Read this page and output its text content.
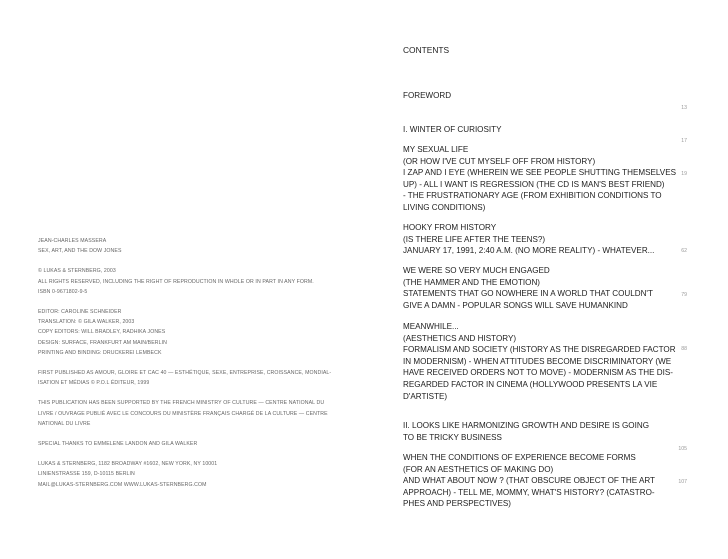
JEAN-CHARLES MASSERA

SEX, ART, AND THE DOW JONES

© LUKAS & STERNBERG, 2003

ALL RIGHTS RESERVED, INCLUDING THE RIGHT OF REPRODUCTION IN WHOLE OR IN PART IN ANY FORM.

ISBN 0-9671802-9-5

EDITOR: CAROLINE SCHNEIDER

TRANSLATION: © GILA WALKER, 2003

COPY EDITORS: WILL BRADLEY, RADHIKA JONES

DESIGN: SURFACE, FRANKFURT AM MAIN/BERLIN

PRINTING AND BINDING: DRUCKEREI LEMBECK

FIRST PUBLISHED AS AMOUR, GLOIRE ET CAC 40 — ESTHÉTIQUE, SEXE, ENTREPRISE, CROISSANCE, MONDIAL-

ISATION ET MÉDIAS © P.O.L ÉDITEUR, 1999

THIS PUBLICATION HAS BEEN SUPPORTED BY THE FRENCH MINISTRY OF CULTURE — CENTRE NATIONAL DU

LIVRE / OUVRAGE PUBLIÉ AVEC LE CONCOURS DU MINISTÈRE FRANÇAIS CHARGÉ DE LA CULTURE — CENTRE

NATIONAL DU LIVRE

SPECIAL THANKS TO EMMELENE LANDON AND GILA WALKER

LUKAS & STERNBERG, 1182 BROADWAY #1602, NEW YORK, NY 10001

LINIENSTRASSE 159, D-10115 BERLIN

MAIL@LUKAS-STERNBERG.COM WWW.LUKAS-STERNBERG.COM

CONTENTS
FOREWORD
13
I. WINTER OF CURIOSITY
17
MY SEXUAL LIFE
(OR HOW I'VE CUT MYSELF OFF FROM HISTORY)
I ZAP AND I EYE (WHEREIN WE SEE PEOPLE SHUTTING THEMSELVES
UP) - ALL I WANT IS REGRESSION (THE CD IS MAN'S BEST FRIEND)
- THE FRUSTRATIONARY AGE (FROM EXHIBITION CONDITIONS TO
LIVING CONDITIONS)
19
HOOKY FROM HISTORY
(IS THERE LIFE AFTER THE TEENS?)
JANUARY 17, 1991, 2:40 A.M. (NO MORE REALITY) - WHATEVER...	62
WE WERE SO VERY MUCH ENGAGED
(THE HAMMER AND THE EMOTION)
STATEMENTS THAT GO NOWHERE IN A WORLD THAT COULDN'T
GIVE A DAMN - POPULAR SONGS WILL SAVE HUMANKIND
79
MEANWHILE...
(AESTHETICS AND HISTORY)
FORMALISM AND SOCIETY (HISTORY AS THE DISREGARDED FACTOR
IN MODERNISM) - WHEN ATTITUDES BECOME DISCRIMINATORY (WE
HAVE RECEIVED ORDERS NOT TO MOVE) - MODERNISM AS THE DIS-
REGARDED FACTOR IN CINEMA (HOLLYWOOD PRESENTS LA VIE
D'ARTISTE)
88
II. LOOKS LIKE HARMONIZING GROWTH AND DESIRE IS GOING
TO BE TRICKY BUSINESS
105
WHEN THE CONDITIONS OF EXPERIENCE BECOME FORMS
(FOR AN AESTHETICS OF MAKING DO)
AND WHAT ABOUT NOW ? (THAT OBSCURE OBJECT OF THE ART
APPROACH) - TELL ME, MOMMY, WHAT'S HISTORY? (CATASTRO-
PHES AND PERSPECTIVES)
107
